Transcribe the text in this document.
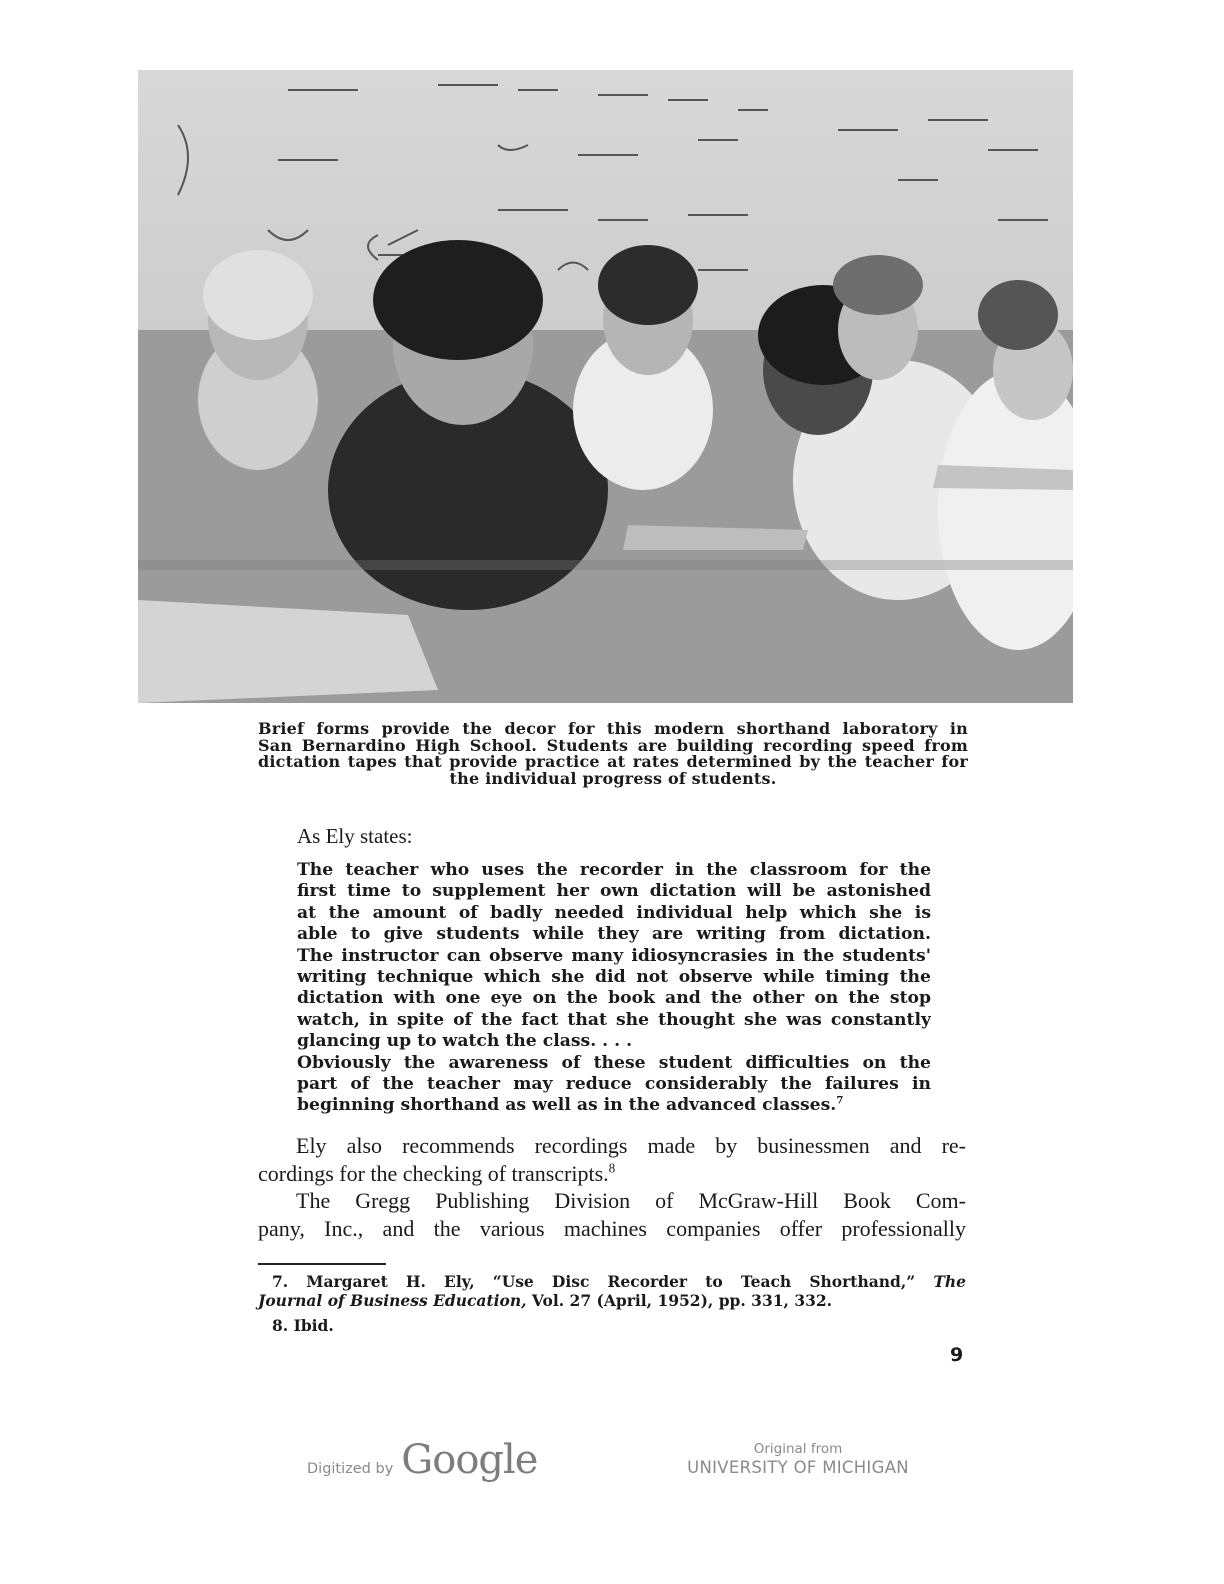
Brief forms provide the decor for this modern shorthand laboratory in
San Bernardino High School. Students are building recording speed from
dictation tapes that provide practice at rates determined by the teacher for
the individual progress of students.
As Ely states:
The teacher who uses the recorder in the classroom for the
first time to supplement her own dictation will be astonished
at the amount of badly needed individual help which she is
able to give students while they are writing from dictation.
The instructor can observe many idiosyncrasies in the students'
writing technique which she did not observe while timing the
dictation with one eye on the book and the other on the stop
watch, in spite of the fact that she thought she was constantly
glancing up to watch the class. . . .
Obviously the awareness of these student difficulties on the
part of the teacher may reduce considerably the failures in
beginning shorthand as well as in the advanced classes.$^7$
Ely also recommends recordings made by businessmen and re-
cordings for the checking of transcripts.$^8$
The Gregg Publishing Division of McGraw-Hill Book Com-
pany, Inc., and the various machines companies offer professionally
7. Margaret H. Ely, “Use Disc Recorder to Teach Shorthand,” The
Journal of Business Education, Vol. 27 (April, 1952), pp. 331, 332.
8. Ibid.
9
Digitized by Google	Original from
UNIVERSITY OF MICHIGAN
